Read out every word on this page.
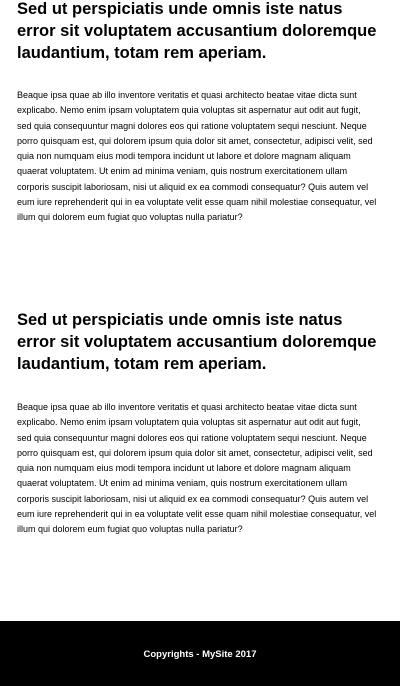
Sed ut perspiciatis unde omnis iste natus error sit voluptatem accusantium doloremque laudantium, totam rem aperiam.

Beaque ipsa quae ab illo inventore veritatis et quasi architecto beatae vitae dicta sunt explicabo. Nemo enim ipsam voluptatem quia voluptas sit aspernatur aut odit aut fugit, sed quia consequuntur magni dolores eos qui ratione voluptatem sequi nesciunt. Neque porro quisquam est, qui dolorem ipsum quia dolor sit amet, consectetur, adipisci velit, sed quia non numquam eius modi tempora incidunt ut labore et dolore magnam aliquam quaerat voluptatem. Ut enim ad minima veniam, quis nostrum exercitationem ullam corporis suscipit laboriosam, nisi ut aliquid ex ea commodi consequatur? Quis autem vel eum iure reprehenderit qui in ea voluptate velit esse quam nihil molestiae consequatur, vel illum qui dolorem eum fugiat quo voluptas nulla pariatur?

Sed ut perspiciatis unde omnis iste natus error sit voluptatem accusantium doloremque laudantium, totam rem aperiam.

Beaque ipsa quae ab illo inventore veritatis et quasi architecto beatae vitae dicta sunt explicabo. Nemo enim ipsam voluptatem quia voluptas sit aspernatur aut odit aut fugit, sed quia consequuntur magni dolores eos qui ratione voluptatem sequi nesciunt. Neque porro quisquam est, qui dolorem ipsum quia dolor sit amet, consectetur, adipisci velit, sed quia non numquam eius modi tempora incidunt ut labore et dolore magnam aliquam quaerat voluptatem. Ut enim ad minima veniam, quis nostrum exercitationem ullam corporis suscipit laboriosam, nisi ut aliquid ex ea commodi consequatur? Quis autem vel eum iure reprehenderit qui in ea voluptate velit esse quam nihil molestiae consequatur, vel illum qui dolorem eum fugiat quo voluptas nulla pariatur?

Copyrights - MySite 2017
